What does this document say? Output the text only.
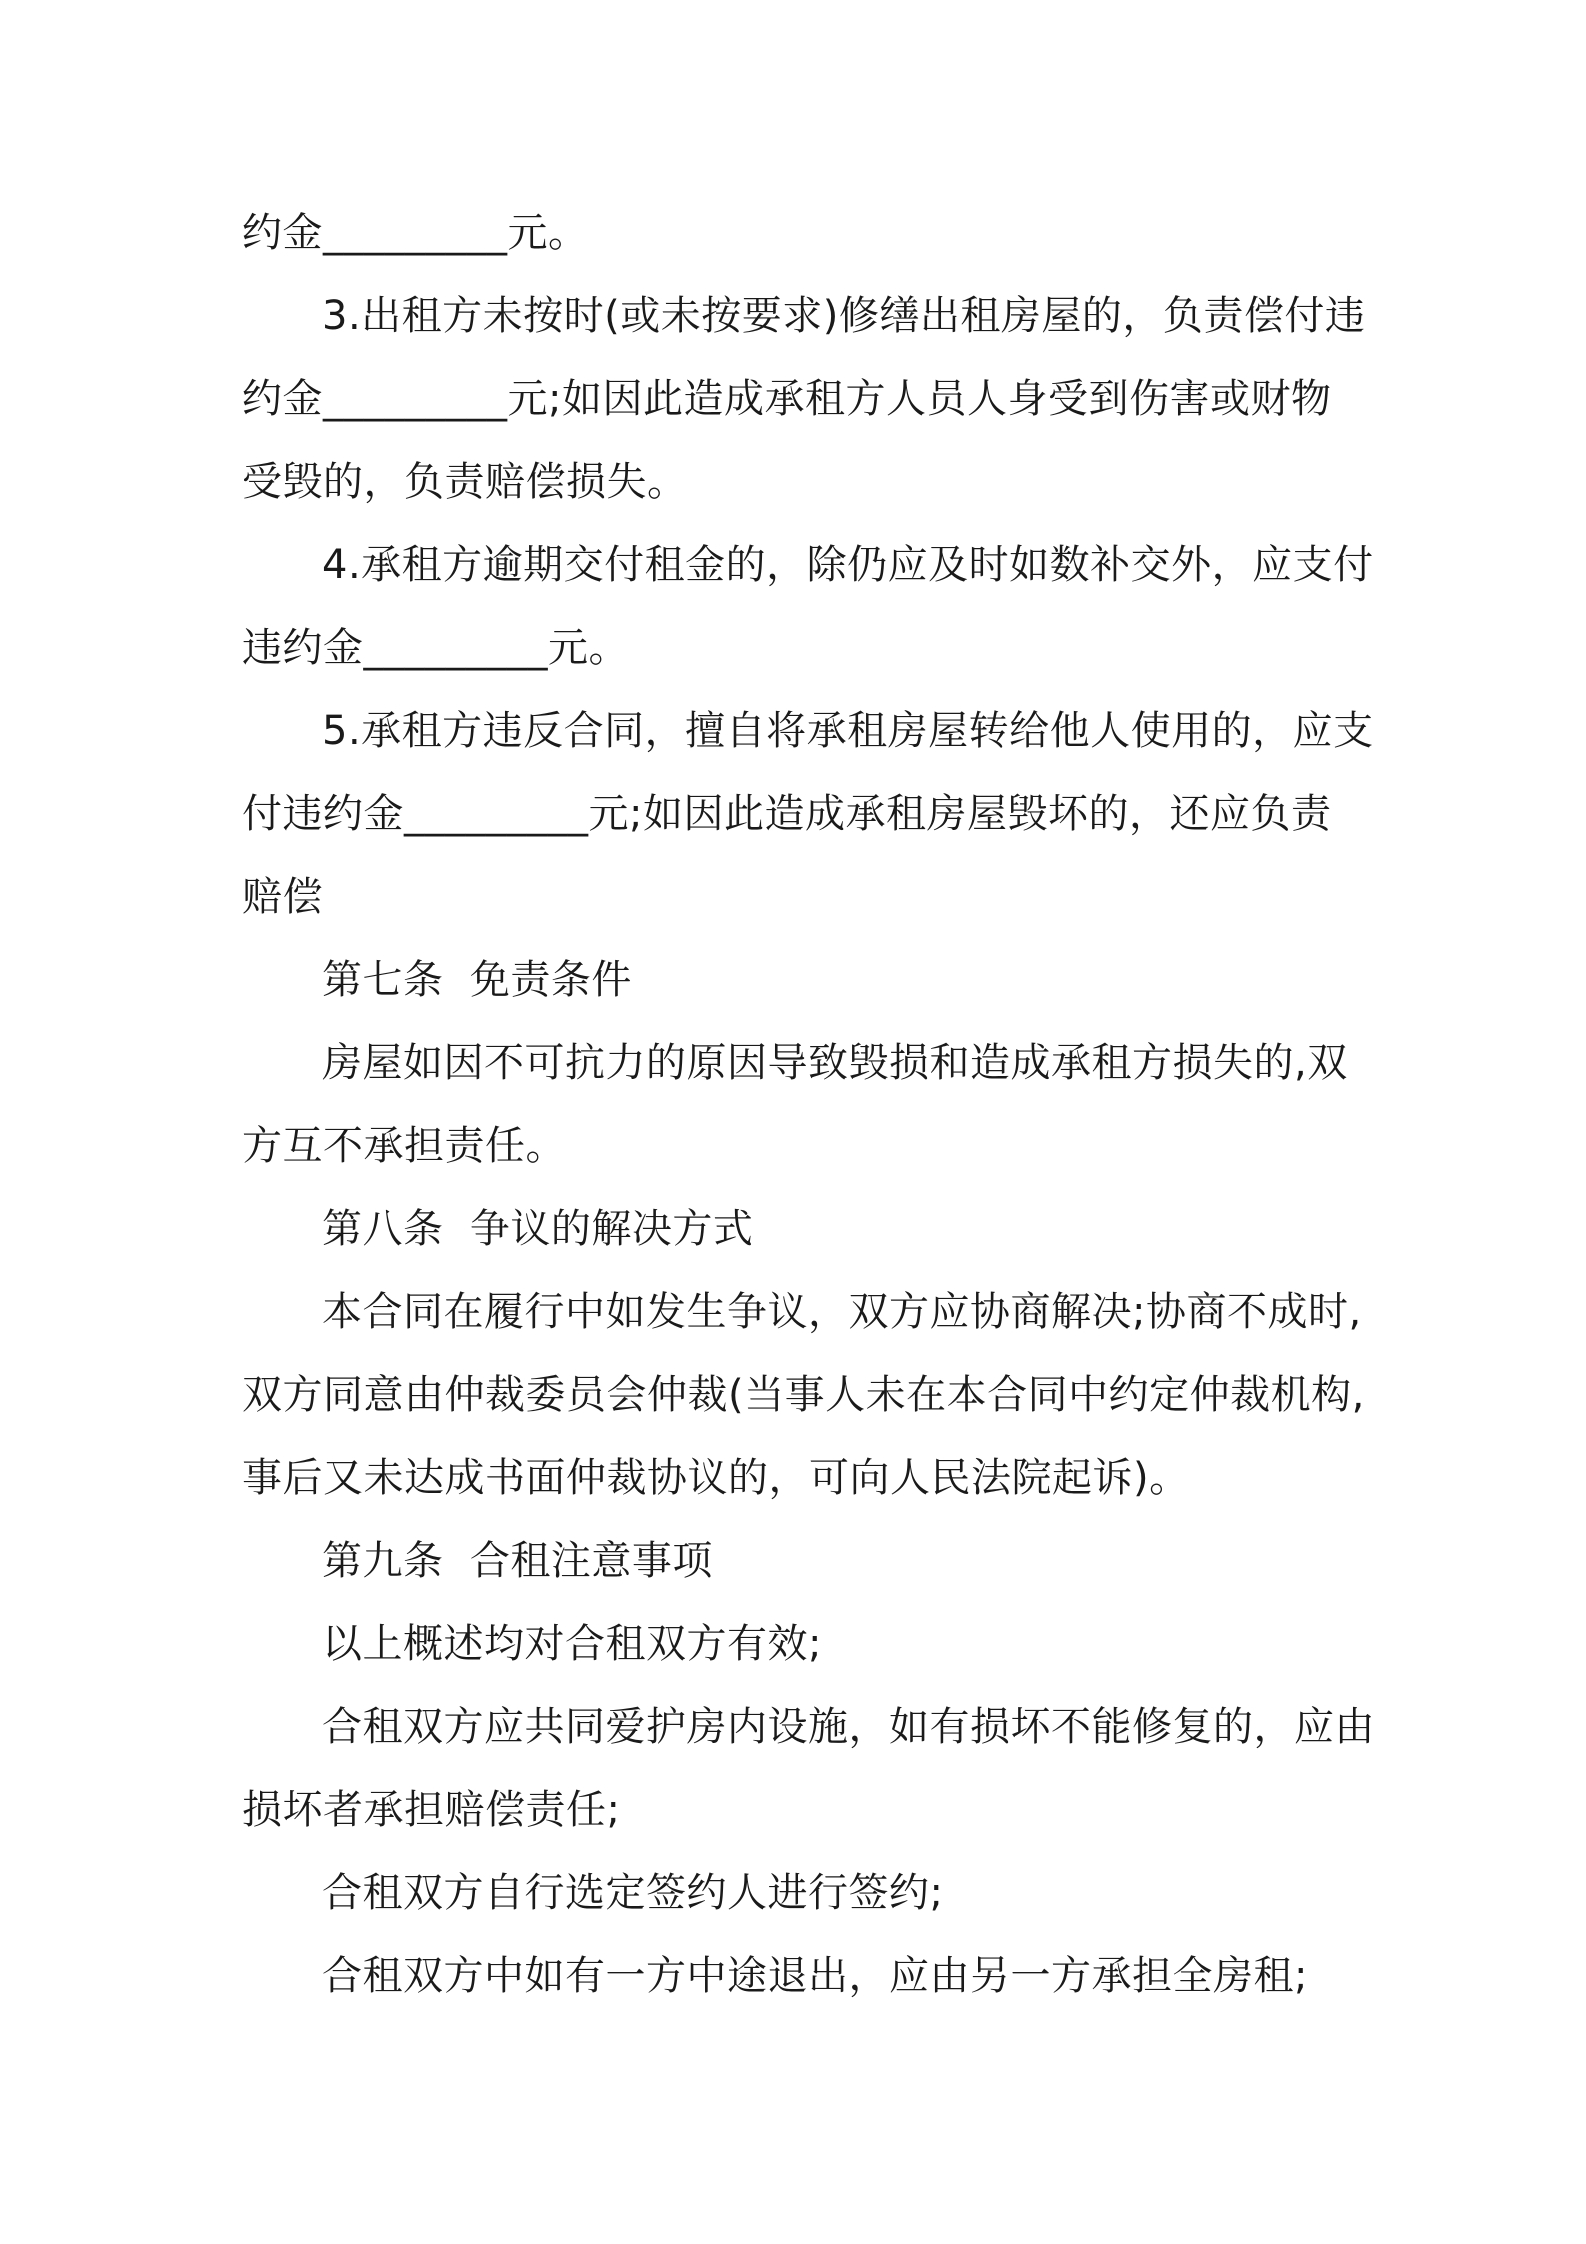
约金_________元。
3.出租方未按时(或未按要求)修缮出租房屋的，负责偿付违
约金_________元;如因此造成承租方人员人身受到伤害或财物
受毁的，负责赔偿损失。
4.承租方逾期交付租金的，除仍应及时如数补交外，应支付
违约金_________元。
5.承租方违反合同，擅自将承租房屋转给他人使用的，应支
付违约金_________元;如因此造成承租房屋毁坏的，还应负责
赔偿
第七条  免责条件
房屋如因不可抗力的原因导致毁损和造成承租方损失的,双
方互不承担责任。
第八条  争议的解决方式
本合同在履行中如发生争议，双方应协商解决;协商不成时,
双方同意由仲裁委员会仲裁(当事人未在本合同中约定仲裁机构,
事后又未达成书面仲裁协议的，可向人民法院起诉)。
第九条  合租注意事项
以上概述均对合租双方有效;
合租双方应共同爱护房内设施，如有损坏不能修复的，应由
损坏者承担赔偿责任;
合租双方自行选定签约人进行签约;
合租双方中如有一方中途退出，应由另一方承担全房租;
